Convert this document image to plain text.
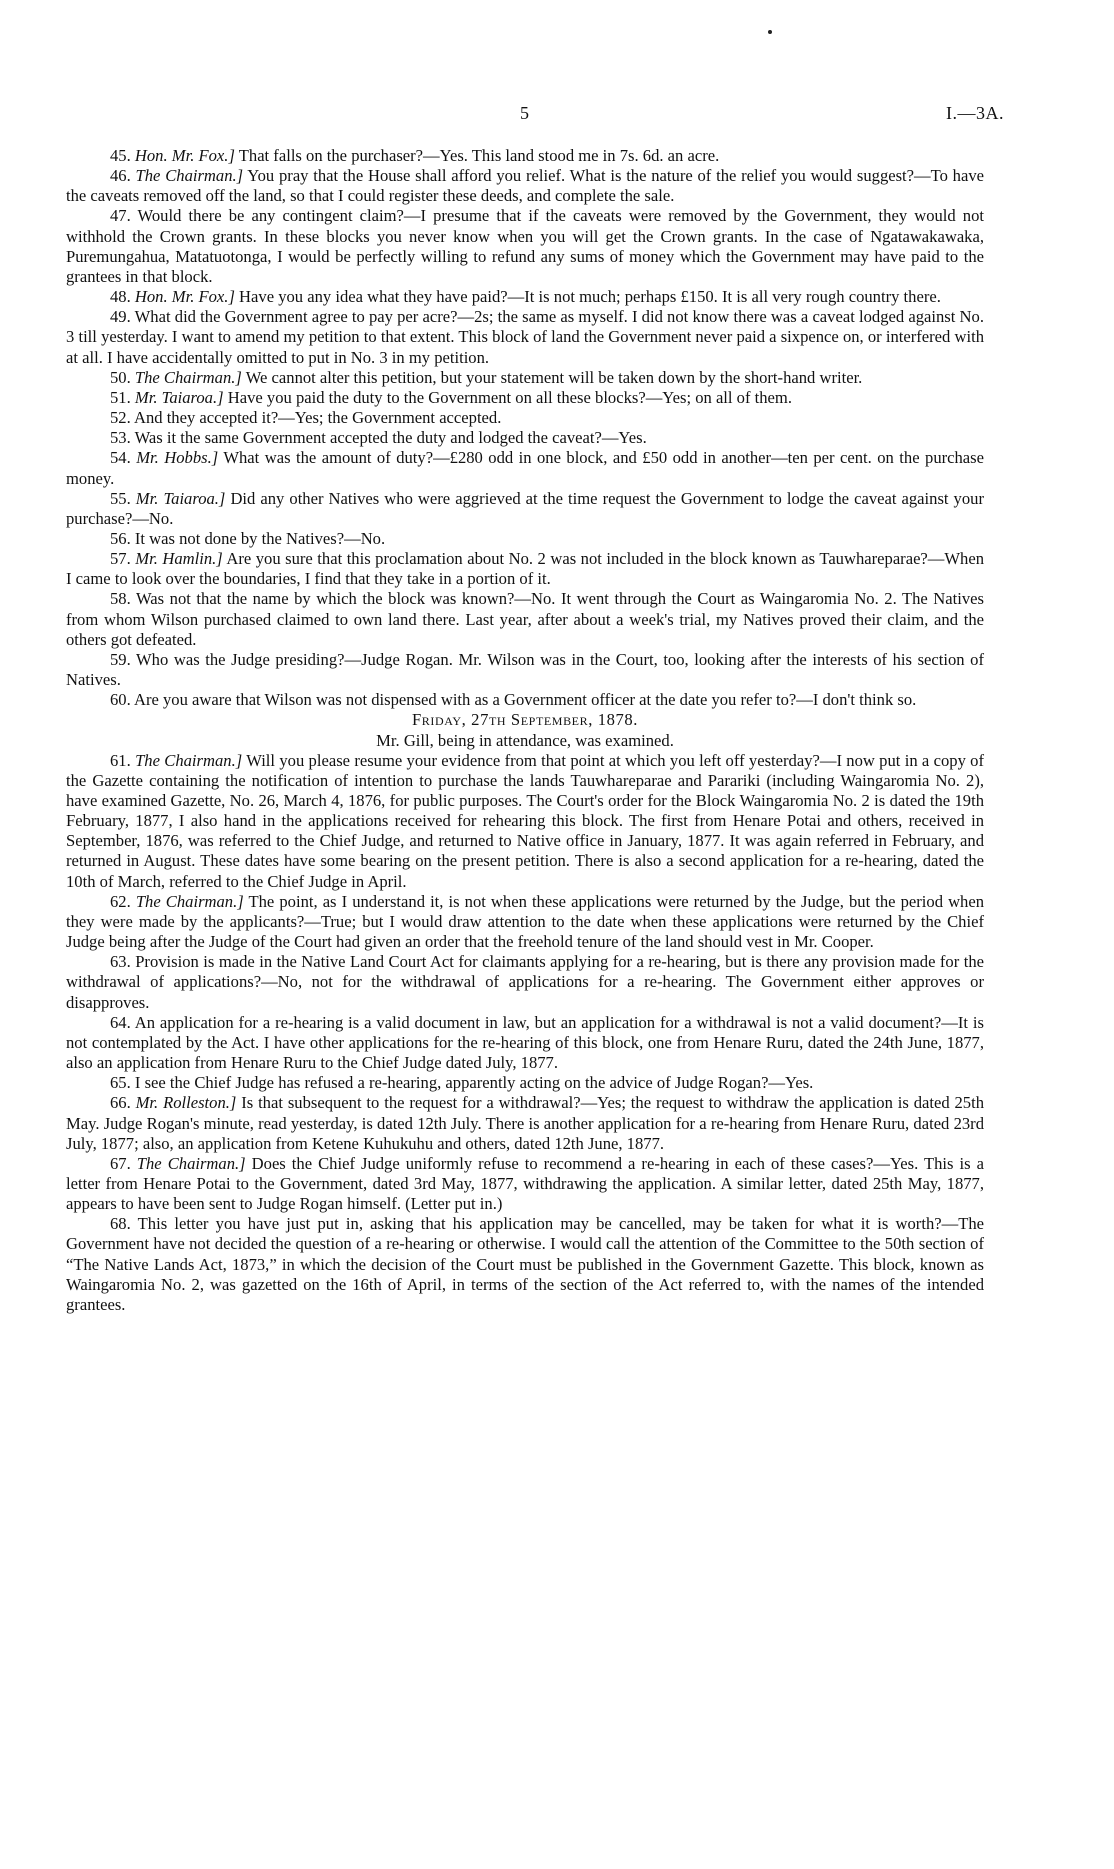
5	I.—3A.

45. Hon. Mr. Fox.] That falls on the purchaser?—Yes. This land stood me in 7s. 6d. an acre.

46. The Chairman.] You pray that the House shall afford you relief. What is the nature of the relief you would suggest?—To have the caveats removed off the land, so that I could register these deeds, and complete the sale.

47. Would there be any contingent claim?—I presume that if the caveats were removed by the Government, they would not withhold the Crown grants. In these blocks you never know when you will get the Crown grants. In the case of Ngatawakawaka, Puremungahua, Matatuotonga, I would be perfectly willing to refund any sums of money which the Government may have paid to the grantees in that block.

48. Hon. Mr. Fox.] Have you any idea what they have paid?—It is not much; perhaps £150. It is all very rough country there.

49. What did the Government agree to pay per acre?—2s; the same as myself. I did not know there was a caveat lodged against No. 3 till yesterday. I want to amend my petition to that extent. This block of land the Government never paid a sixpence on, or interfered with at all. I have accidentally omitted to put in No. 3 in my petition.

50. The Chairman.] We cannot alter this petition, but your statement will be taken down by the short-hand writer.

51. Mr. Taiaroa.] Have you paid the duty to the Government on all these blocks?—Yes; on all of them.

52. And they accepted it?—Yes; the Government accepted.

53. Was it the same Government accepted the duty and lodged the caveat?—Yes.

54. Mr. Hobbs.] What was the amount of duty?—£280 odd in one block, and £50 odd in another—ten per cent. on the purchase money.

55. Mr. Taiaroa.] Did any other Natives who were aggrieved at the time request the Government to lodge the caveat against your purchase?—No.

56. It was not done by the Natives?—No.

57. Mr. Hamlin.] Are you sure that this proclamation about No. 2 was not included in the block known as Tauwhareparae?—When I came to look over the boundaries, I find that they take in a portion of it.

58. Was not that the name by which the block was known?—No. It went through the Court as Waingaromia No. 2. The Natives from whom Wilson purchased claimed to own land there. Last year, after about a week's trial, my Natives proved their claim, and the others got defeated.

59. Who was the Judge presiding?—Judge Rogan. Mr. Wilson was in the Court, too, looking after the interests of his section of Natives.

60. Are you aware that Wilson was not dispensed with as a Government officer at the date you refer to?—I don't think so.

Friday, 27th September, 1878.

Mr. Gill, being in attendance, was examined.

61. The Chairman.] Will you please resume your evidence from that point at which you left off yesterday?—I now put in a copy of the Gazette containing the notification of intention to purchase the lands Tauwhareparae and Parariki (including Waingaromia No. 2), have examined Gazette, No. 26, March 4, 1876, for public purposes. The Court's order for the Block Waingaromia No. 2 is dated the 19th February, 1877, I also hand in the applications received for rehearing this block. The first from Henare Potai and others, received in September, 1876, was referred to the Chief Judge, and returned to Native office in January, 1877. It was again referred in February, and returned in August. These dates have some bearing on the present petition. There is also a second application for a re-hearing, dated the 10th of March, referred to the Chief Judge in April.

62. The Chairman.] The point, as I understand it, is not when these applications were returned by the Judge, but the period when they were made by the applicants?—True; but I would draw attention to the date when these applications were returned by the Chief Judge being after the Judge of the Court had given an order that the freehold tenure of the land should vest in Mr. Cooper.

63. Provision is made in the Native Land Court Act for claimants applying for a re-hearing, but is there any provision made for the withdrawal of applications?—No, not for the withdrawal of applications for a re-hearing. The Government either approves or disapproves.

64. An application for a re-hearing is a valid document in law, but an application for a withdrawal is not a valid document?—It is not contemplated by the Act. I have other applications for the re-hearing of this block, one from Henare Ruru, dated the 24th June, 1877, also an application from Henare Ruru to the Chief Judge dated July, 1877.

65. I see the Chief Judge has refused a re-hearing, apparently acting on the advice of Judge Rogan?—Yes.

66. Mr. Rolleston.] Is that subsequent to the request for a withdrawal?—Yes; the request to withdraw the application is dated 25th May. Judge Rogan's minute, read yesterday, is dated 12th July. There is another application for a re-hearing from Henare Ruru, dated 23rd July, 1877; also, an application from Ketene Kuhukuhu and others, dated 12th June, 1877.

67. The Chairman.] Does the Chief Judge uniformly refuse to recommend a re-hearing in each of these cases?—Yes. This is a letter from Henare Potai to the Government, dated 3rd May, 1877, withdrawing the application. A similar letter, dated 25th May, 1877, appears to have been sent to Judge Rogan himself. (Letter put in.)

68. This letter you have just put in, asking that his application may be cancelled, may be taken for what it is worth?—The Government have not decided the question of a re-hearing or otherwise. I would call the attention of the Committee to the 50th section of “The Native Lands Act, 1873,” in which the decision of the Court must be published in the Government Gazette. This block, known as Waingaromia No. 2, was gazetted on the 16th of April, in terms of the section of the Act referred to, with the names of the intended grantees.
